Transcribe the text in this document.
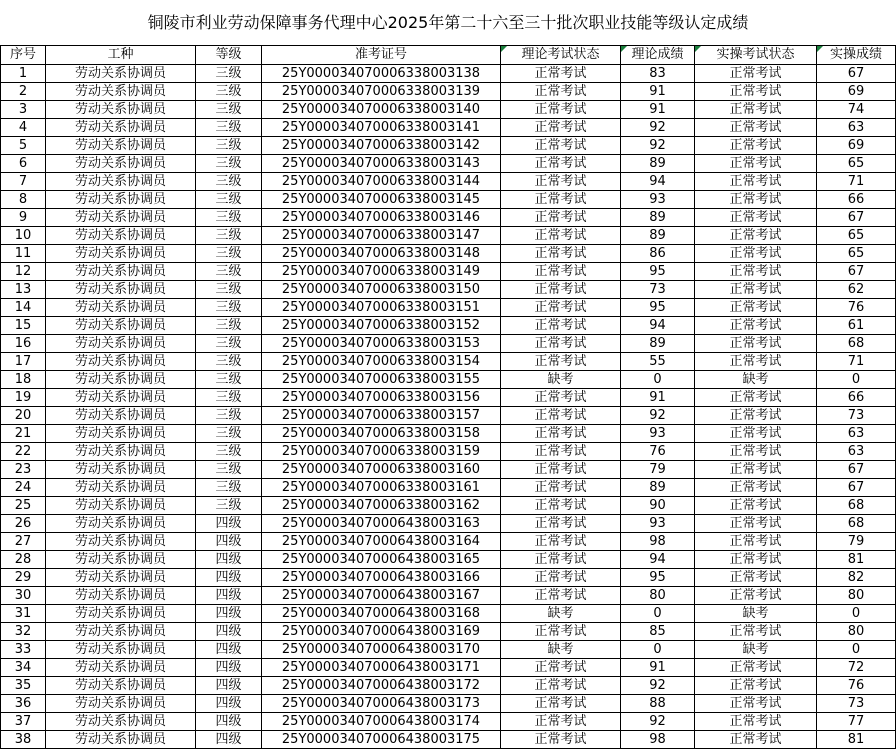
铜陵市利业劳动保障事务代理中心2025年第二十六至三十批次职业技能等级认定成绩
序号	工种	等级	准考证号	理论考试状态	理论成绩	实操考试状态	实操成绩
1	劳动关系协调员	三级	25Y000034070006338003138	正常考试	83	正常考试	67
2	劳动关系协调员	三级	25Y000034070006338003139	正常考试	91	正常考试	69
3	劳动关系协调员	三级	25Y000034070006338003140	正常考试	91	正常考试	74
4	劳动关系协调员	三级	25Y000034070006338003141	正常考试	92	正常考试	63
5	劳动关系协调员	三级	25Y000034070006338003142	正常考试	92	正常考试	69
6	劳动关系协调员	三级	25Y000034070006338003143	正常考试	89	正常考试	65
7	劳动关系协调员	三级	25Y000034070006338003144	正常考试	94	正常考试	71
8	劳动关系协调员	三级	25Y000034070006338003145	正常考试	93	正常考试	66
9	劳动关系协调员	三级	25Y000034070006338003146	正常考试	89	正常考试	67
10	劳动关系协调员	三级	25Y000034070006338003147	正常考试	89	正常考试	65
11	劳动关系协调员	三级	25Y000034070006338003148	正常考试	86	正常考试	65
12	劳动关系协调员	三级	25Y000034070006338003149	正常考试	95	正常考试	67
13	劳动关系协调员	三级	25Y000034070006338003150	正常考试	73	正常考试	62
14	劳动关系协调员	三级	25Y000034070006338003151	正常考试	95	正常考试	76
15	劳动关系协调员	三级	25Y000034070006338003152	正常考试	94	正常考试	61
16	劳动关系协调员	三级	25Y000034070006338003153	正常考试	89	正常考试	68
17	劳动关系协调员	三级	25Y000034070006338003154	正常考试	55	正常考试	71
18	劳动关系协调员	三级	25Y000034070006338003155	缺考	0	缺考	0
19	劳动关系协调员	三级	25Y000034070006338003156	正常考试	91	正常考试	66
20	劳动关系协调员	三级	25Y000034070006338003157	正常考试	92	正常考试	73
21	劳动关系协调员	三级	25Y000034070006338003158	正常考试	93	正常考试	63
22	劳动关系协调员	三级	25Y000034070006338003159	正常考试	76	正常考试	63
23	劳动关系协调员	三级	25Y000034070006338003160	正常考试	79	正常考试	67
24	劳动关系协调员	三级	25Y000034070006338003161	正常考试	89	正常考试	67
25	劳动关系协调员	三级	25Y000034070006338003162	正常考试	90	正常考试	68
26	劳动关系协调员	四级	25Y000034070006438003163	正常考试	93	正常考试	68
27	劳动关系协调员	四级	25Y000034070006438003164	正常考试	98	正常考试	79
28	劳动关系协调员	四级	25Y000034070006438003165	正常考试	94	正常考试	81
29	劳动关系协调员	四级	25Y000034070006438003166	正常考试	95	正常考试	82
30	劳动关系协调员	四级	25Y000034070006438003167	正常考试	80	正常考试	80
31	劳动关系协调员	四级	25Y000034070006438003168	缺考	0	缺考	0
32	劳动关系协调员	四级	25Y000034070006438003169	正常考试	85	正常考试	80
33	劳动关系协调员	四级	25Y000034070006438003170	缺考	0	缺考	0
34	劳动关系协调员	四级	25Y000034070006438003171	正常考试	91	正常考试	72
35	劳动关系协调员	四级	25Y000034070006438003172	正常考试	92	正常考试	76
36	劳动关系协调员	四级	25Y000034070006438003173	正常考试	88	正常考试	73
37	劳动关系协调员	四级	25Y000034070006438003174	正常考试	92	正常考试	77
38	劳动关系协调员	四级	25Y000034070006438003175	正常考试	98	正常考试	81
